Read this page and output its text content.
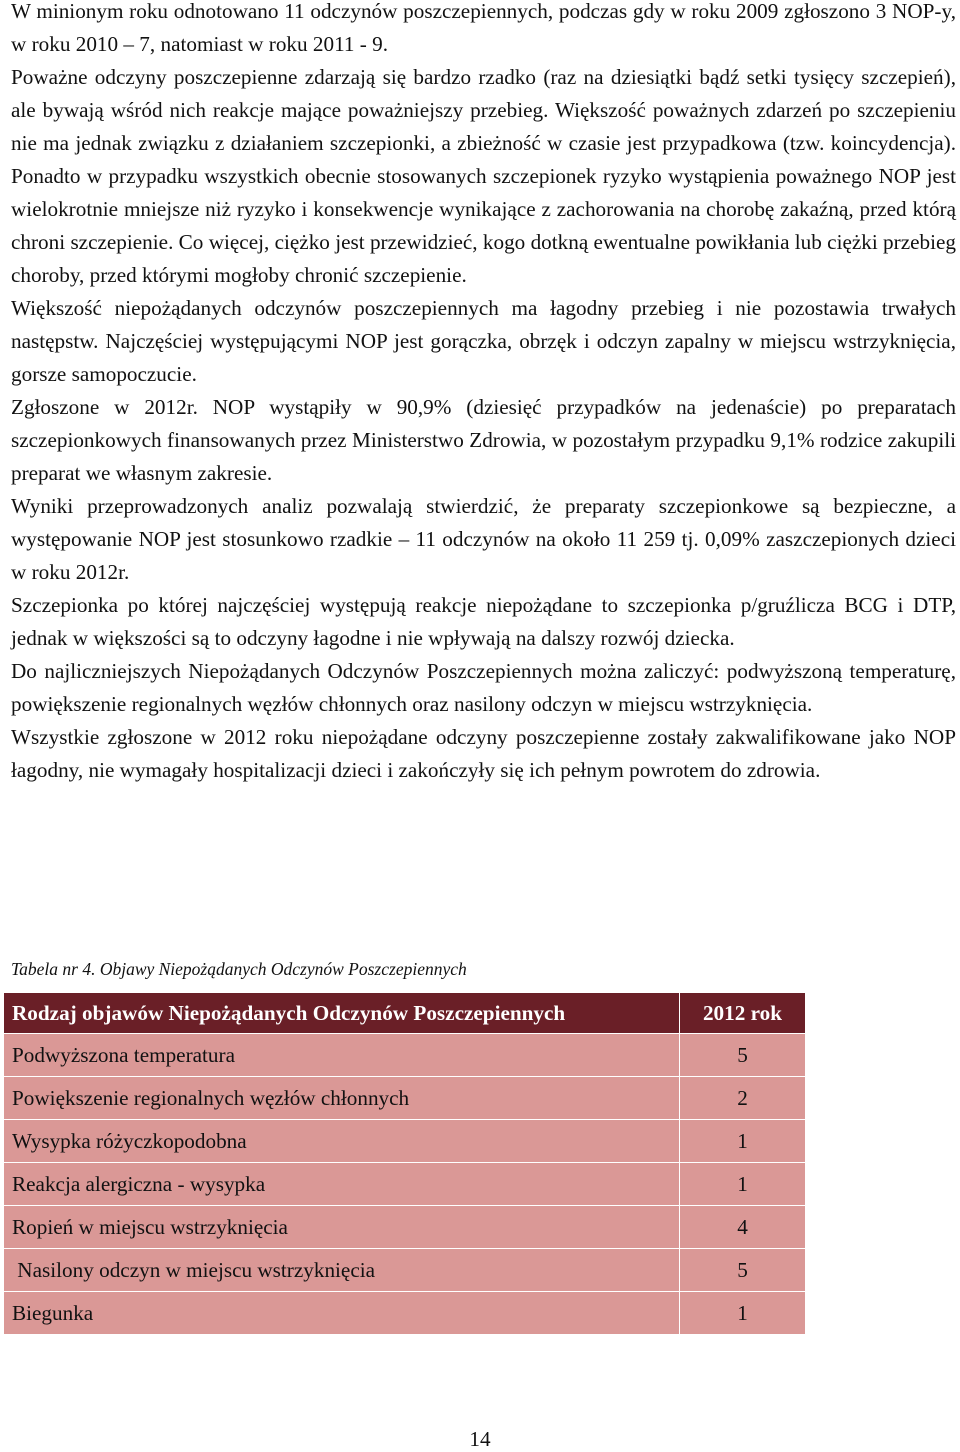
W minionym roku odnotowano 11 odczynów poszczepiennych, podczas gdy w roku 2009 zgłoszono 3 NOP-y, w roku 2010 – 7, natomiast w roku 2011 - 9.

Poważne odczyny poszczepienne zdarzają się bardzo rzadko (raz na dziesiątki bądź setki tysięcy szczepień), ale bywają wśród nich reakcje mające poważniejszy przebieg. Większość poważnych zdarzeń po szczepieniu nie ma jednak związku z działaniem szczepionki, a zbieżność w czasie jest przypadkowa (tzw. koincydencja). Ponadto w przypadku wszystkich obecnie stosowanych szczepionek ryzyko wystąpienia poważnego NOP jest wielokrotnie mniejsze niż ryzyko i konsekwencje wynikające z zachorowania na chorobę zakaźną, przed którą chroni szczepienie. Co więcej, ciężko jest przewidzieć, kogo dotkną ewentualne powikłania lub ciężki przebieg choroby, przed którymi mogłoby chronić szczepienie.

Większość niepożądanych odczynów poszczepiennych ma łagodny przebieg i nie pozostawia trwałych następstw. Najczęściej występującymi NOP jest gorączka, obrzęk i odczyn zapalny w miejscu wstrzyknięcia, gorsze samopoczucie.

Zgłoszone w 2012r. NOP wystąpiły w 90,9% (dziesięć przypadków na jedenaście) po preparatach szczepionkowych finansowanych przez Ministerstwo Zdrowia, w pozostałym przypadku 9,1% rodzice zakupili preparat we własnym zakresie.

Wyniki przeprowadzonych analiz pozwalają stwierdzić, że preparaty szczepionkowe są bezpieczne, a występowanie NOP jest stosunkowo rzadkie – 11 odczynów na około 11 259 tj. 0,09% zaszczepionych dzieci w roku 2012r.

Szczepionka po której najczęściej występują reakcje niepożądane to szczepionka p/gruźlicza BCG i DTP, jednak w większości są to odczyny łagodne i nie wpływają na dalszy rozwój dziecka.

Do najliczniejszych Niepożądanych Odczynów Poszczepiennych można zaliczyć: podwyższoną temperaturę, powiększenie regionalnych węzłów chłonnych oraz nasilony odczyn w miejscu wstrzyknięcia.

Wszystkie zgłoszone w 2012 roku niepożądane odczyny poszczepienne zostały zakwalifikowane jako NOP łagodny, nie wymagały hospitalizacji dzieci i zakończyły się ich pełnym powrotem do zdrowia.

Tabela nr 4. Objawy Niepożądanych Odczynów Poszczepiennych
Rodzaj objawów Niepożądanych Odczynów Poszczepiennych	2012 rok
Podwyższona temperatura	5
Powiększenie regionalnych węzłów chłonnych	2
Wysypka różyczkopodobna	1
Reakcja alergiczna - wysypka	1
Ropień w miejscu wstrzyknięcia	4
Nasilony odczyn w miejscu wstrzyknięcia	5
Biegunka	1
14
